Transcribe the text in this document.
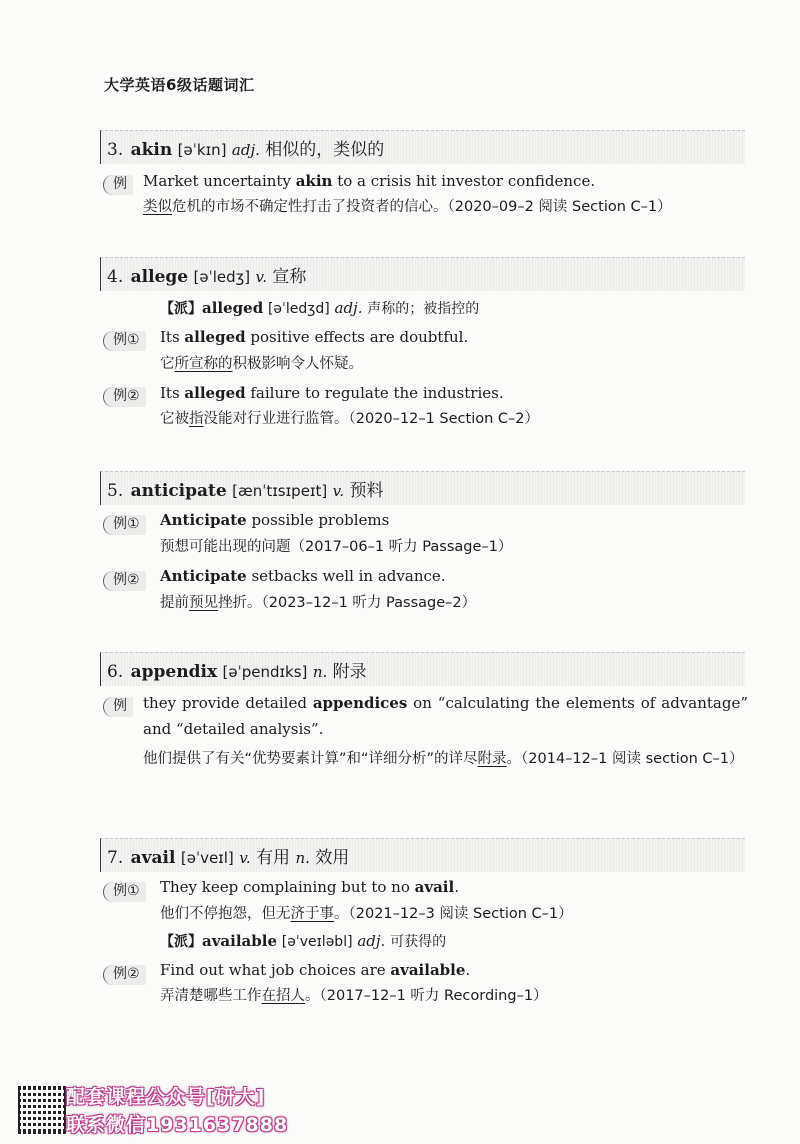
大学英语6级话题词汇
3. akin [əˈkɪn] adj. 相似的，类似的
例	Market uncertainty akin to a crisis hit investor confidence.
类似危机的市场不确定性打击了投资者的信心。（2020–09–2 阅读 Section C–1）
4. allege [əˈledʒ] v. 宣称
【派】alleged [əˈledʒd] adj. 声称的；被指控的
例①	Its alleged positive effects are doubtful.
它所宣称的积极影响令人怀疑。
例②	Its alleged failure to regulate the industries.
它被指没能对行业进行监管。（2020–12–1 Section C–2）
5. anticipate [ænˈtɪsɪpeɪt] v. 预料
例①	Anticipate possible problems
预想可能出现的问题（2017–06–1 听力 Passage–1）
例②	Anticipate setbacks well in advance.
提前预见挫折。（2023–12–1 听力 Passage–2）
6. appendix [əˈpendɪks] n. 附录
例	they provide detailed appendices on “calculating the elements of advantage” and “detailed analysis”.
他们提供了有关“优势要素计算”和“详细分析”的详尽附录。（2014–12–1 阅读 section C–1）
7. avail [əˈveɪl] v. 有用 n. 效用
例①	They keep complaining but to no avail.
他们不停抱怨，但无济于事。（2021–12–3 阅读 Section C–1）
【派】available [əˈveɪləbl] adj. 可获得的
例②	Find out what job choices are available.
弄清楚哪些工作在招人。（2017–12–1 听力 Recording–1）
配套课程公众号[研大]
联系微信1931637888
